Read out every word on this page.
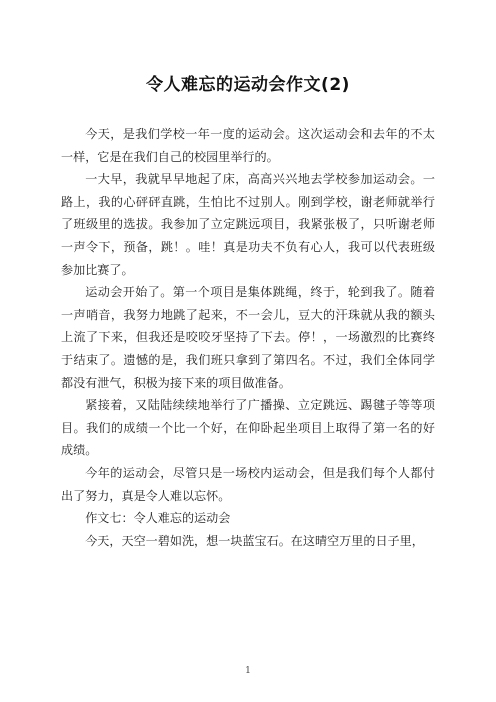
令人难忘的运动会作文(2)

今天，是我们学校一年一度的运动会。这次运动会和去年的不太一样，它是在我们自己的校园里举行的。

一大早，我就早早地起了床，高高兴兴地去学校参加运动会。一路上，我的心砰砰直跳，生怕比不过别人。刚到学校，谢老师就举行了班级里的选拔。我参加了立定跳远项目，我紧张极了，只听谢老师一声令下，预备，跳！。哇！真是功夫不负有心人，我可以代表班级参加比赛了。

运动会开始了。第一个项目是集体跳绳，终于，轮到我了。随着一声哨音，我努力地跳了起来，不一会儿，豆大的汗珠就从我的额头上流了下来，但我还是咬咬牙坚持了下去。停！，一场激烈的比赛终于结束了。遗憾的是，我们班只拿到了第四名。不过，我们全体同学都没有泄气，积极为接下来的项目做准备。

紧接着，又陆陆续续地举行了广播操、立定跳远、踢毽子等等项目。我们的成绩一个比一个好，在仰卧起坐项目上取得了第一名的好成绩。

今年的运动会，尽管只是一场校内运动会，但是我们每个人都付出了努力，真是令人难以忘怀。

作文七：令人难忘的运动会

今天，天空一碧如洗，想一块蓝宝石。在这晴空万里的日子里，

1
